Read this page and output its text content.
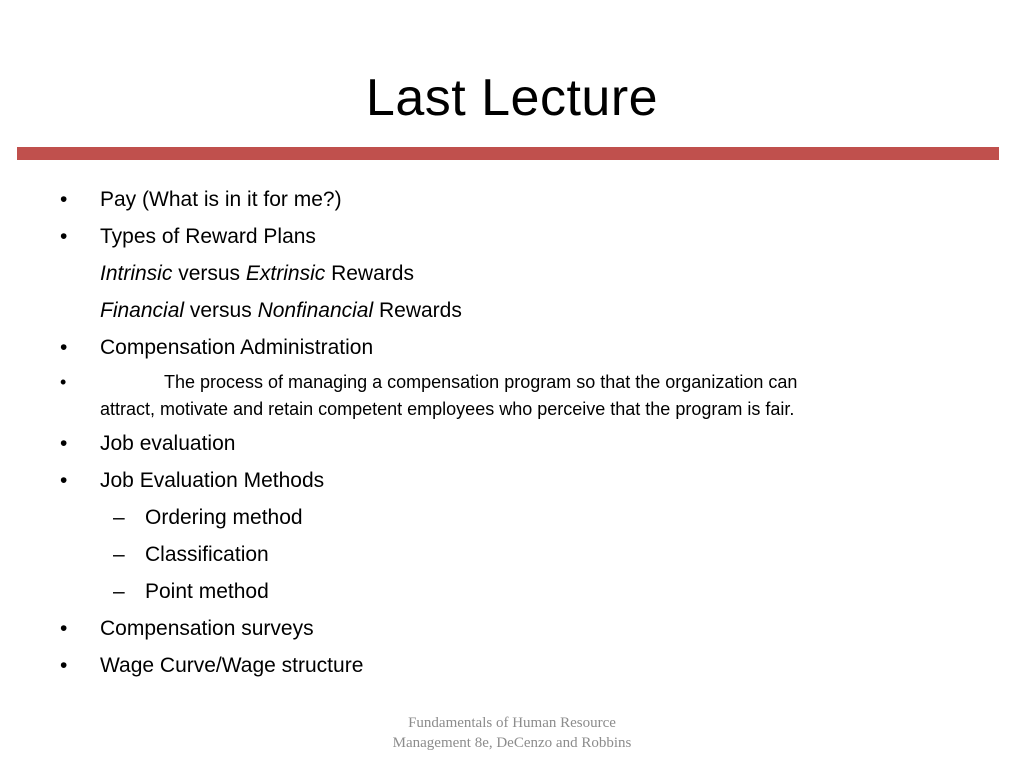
Last Lecture
•	Pay (What is in it for me?)
•	Types of Reward Plans
Intrinsic versus Extrinsic Rewards
Financial versus Nonfinancial Rewards
•	Compensation Administration
•	The process of managing a compensation program so that the organization can
attract, motivate and retain competent employees who perceive that the program is fair.
•	Job evaluation
•	Job Evaluation Methods
– Ordering method
– Classification
– Point method
•	Compensation surveys
•	Wage Curve/Wage structure
Fundamentals of Human Resource
Management 8e, DeCenzo and Robbins
